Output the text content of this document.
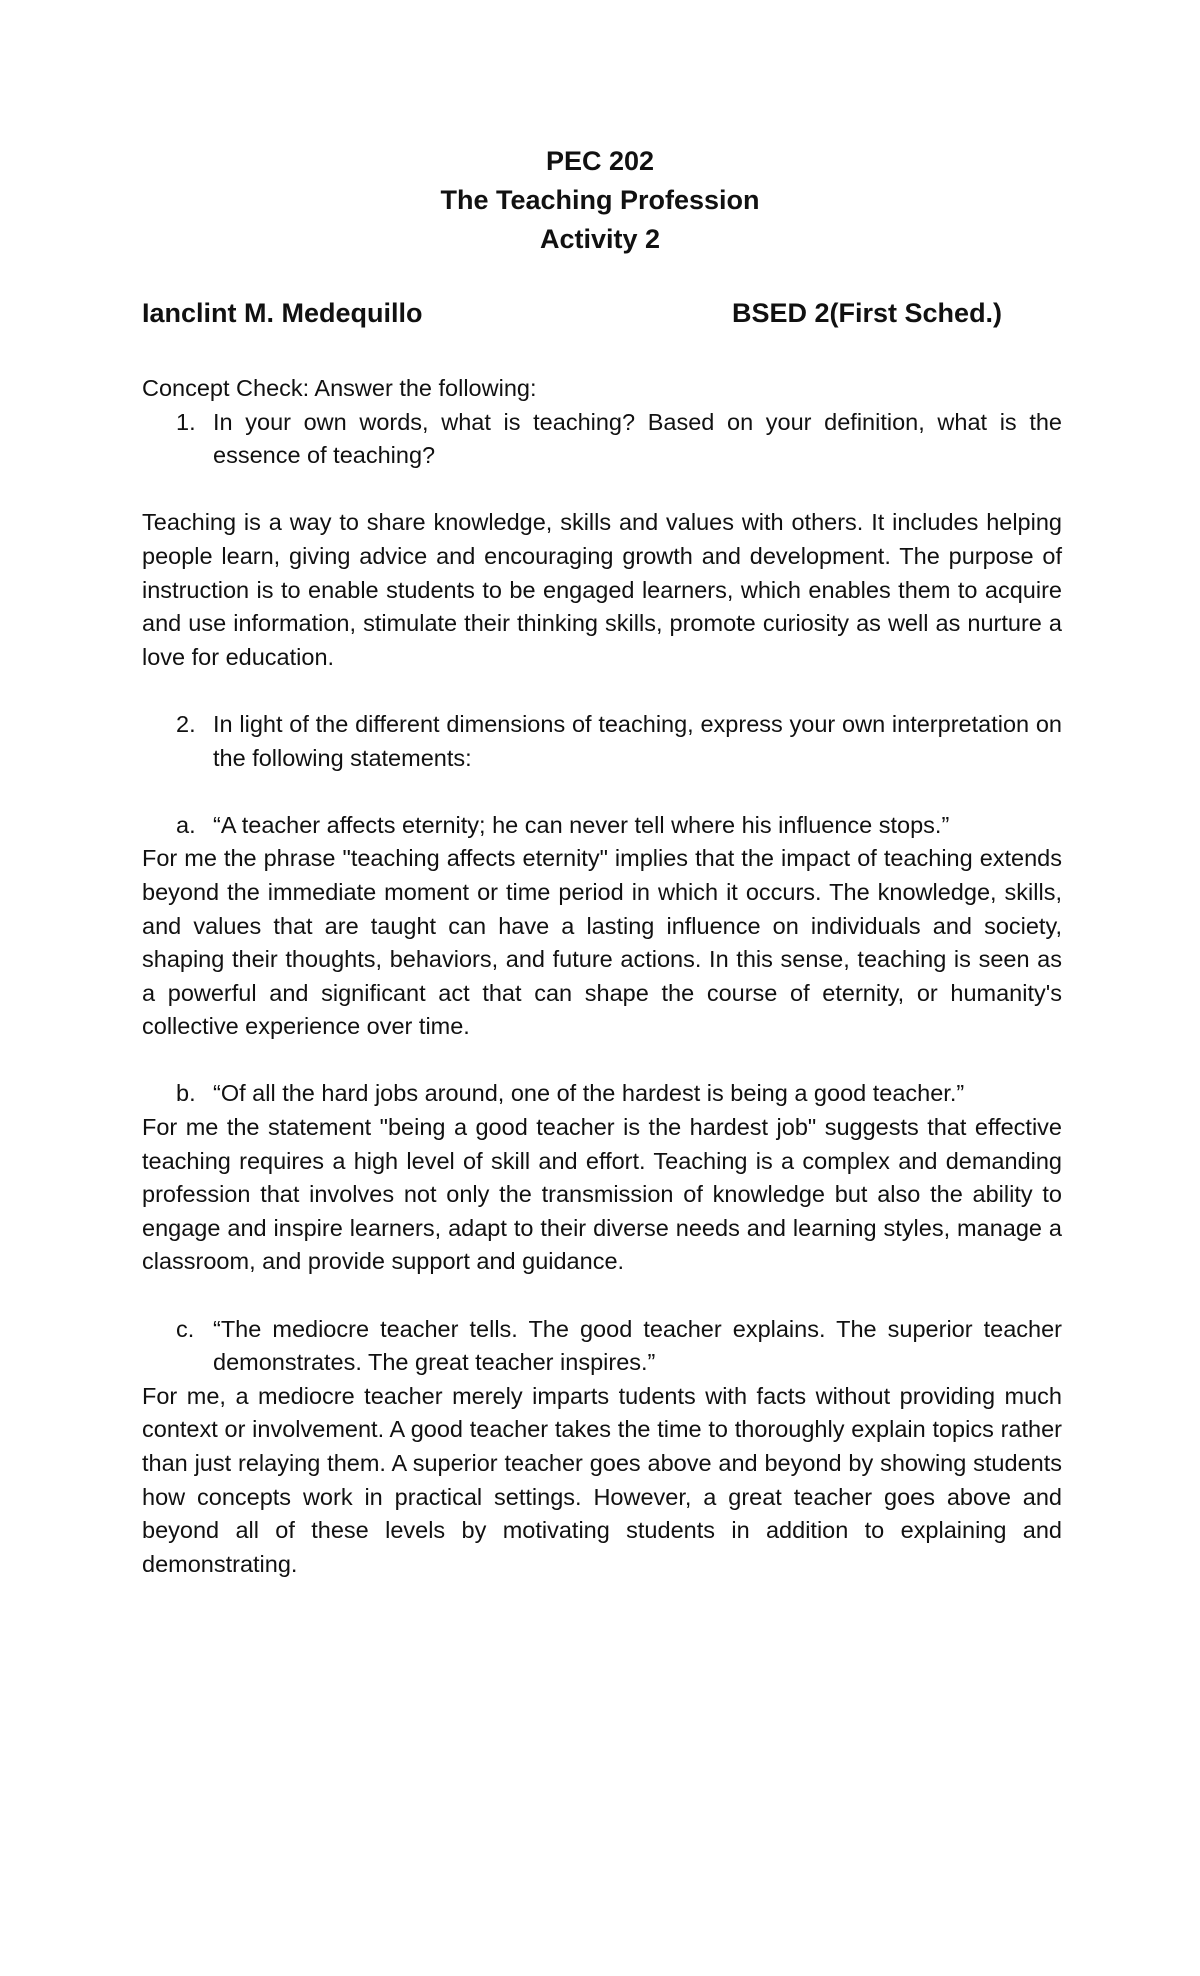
PEC 202
The Teaching Profession
Activity 2
Ianclint M. Medequillo	BSED 2(First Sched.)

Concept Check: Answer the following:

1. In your own words, what is teaching? Based on your definition, what is the essence of teaching?

Teaching is a way to share knowledge, skills and values with others. It includes helping people learn, giving advice and encouraging growth and development. The purpose of instruction is to enable students to be engaged learners, which enables them to acquire and use information, stimulate their thinking skills, promote curiosity as well as nurture a love for education.

2. In light of the different dimensions of teaching, express your own interpretation on the following statements:
a. “A teacher affects eternity; he can never tell where his influence stops.”

For me the phrase "teaching affects eternity" implies that the impact of teaching extends beyond the immediate moment or time period in which it occurs. The knowledge, skills, and values that are taught can have a lasting influence on individuals and society, shaping their thoughts, behaviors, and future actions. In this sense, teaching is seen as a powerful and significant act that can shape the course of eternity, or humanity's collective experience over time.

b. “Of all the hard jobs around, one of the hardest is being a good teacher.”

For me the statement "being a good teacher is the hardest job" suggests that effective teaching requires a high level of skill and effort. Teaching is a complex and demanding profession that involves not only the transmission of knowledge but also the ability to engage and inspire learners, adapt to their diverse needs and learning styles, manage a classroom, and provide support and guidance.

c. “The mediocre teacher tells. The good teacher explains. The superior teacher demonstrates. The great teacher inspires.”

For me, a mediocre teacher merely imparts tudents with facts without providing much context or involvement. A good teacher takes the time to thoroughly explain topics rather than just relaying them. A superior teacher goes above and beyond by showing students how concepts work in practical settings. However, a great teacher goes above and beyond all of these levels by motivating students in addition to explaining and demonstrating.
